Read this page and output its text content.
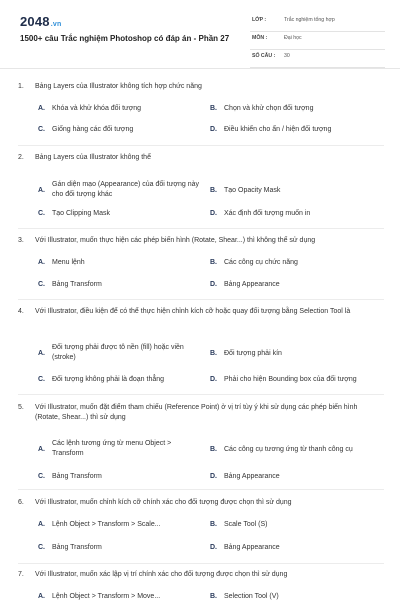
2048.vn
1500+ câu Trắc nghiệm Photoshop có đáp án - Phần 27
LỚP :	Trắc nghiệm tổng hợp
MÔN :	Đại học
SỐ CÂU : 30
1. Bảng Layers của Illustrator không tích hợp chức năng
A. Khóa và khử khóa đối tượng	B. Chọn và khử chọn đối tượng
C. Giống hàng các đối tượng	D. Điều khiển cho ẩn / hiện đối tượng
2. Bảng Layers của Illustrator không thể
A.
Gán diện mạo (Appearance) của đối tượng này cho đối tượng khác
B. Tạo Opacity Mask
C. Tạo Clipping Mask	D. Xác định đối tượng muốn in
3. Với Illustrator, muốn thực hiện các phép biến hình (Rotate, Shear...) thì không thể sử dụng
A. Menu lệnh	B. Các công cụ chức năng
C. Bảng Transform	D. Bảng Appearance
4. Với Illustrator, điều kiện để có thể thực hiện chỉnh kích cỡ hoặc quay đối tượng bằng Selection Tool là
A.
Đối tượng phải được tô nền (fill) hoặc viền (stroke)
B. Đối tượng phải kín
C. Đối tượng không phải là đoạn thẳng	D. Phải cho hiện Bounding box của đối tượng
5. Với Illustrator, muốn đặt điểm tham chiếu (Reference Point) ở vị trí tùy ý khi sử dụng các phép biến hình (Rotate, Shear...) thì sử dụng
A.
Các lệnh tương ứng từ menu Object > Transform
B. Các công cụ tương ứng từ thanh công cụ
C. Bảng Transform	D. Bảng Appearance
6. Với Illustrator, muốn chỉnh kích cỡ chính xác cho đối tượng được chọn thì sử dụng
A. Lệnh Object > Transform > Scale...	B. Scale Tool (S)
C. Bảng Transform	D. Bảng Appearance
7. Với Illustrator, muốn xác lập vị trí chính xác cho đối tượng được chọn thì sử dụng
A. Lệnh Object > Transform > Move...	B. Selection Tool (V)
